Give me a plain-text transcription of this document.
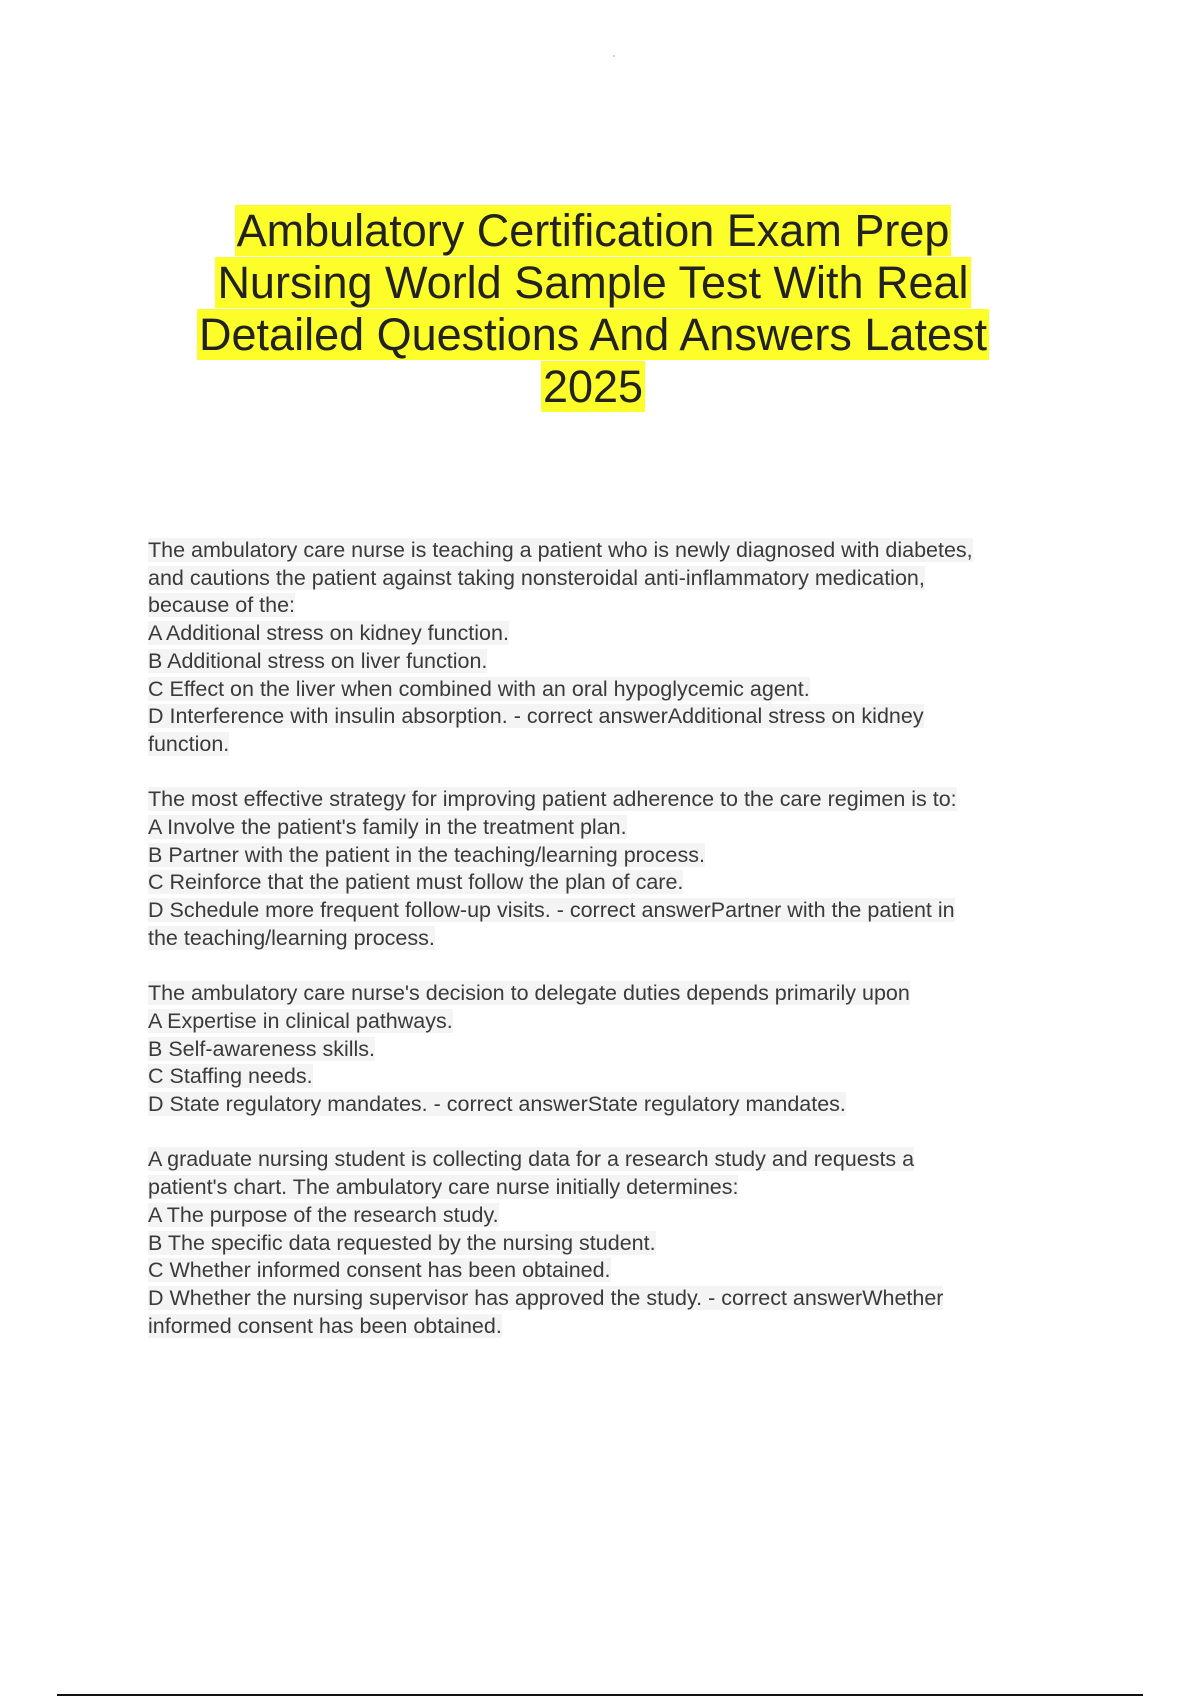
Ambulatory Certification Exam Prep
Nursing World Sample Test With Real
Detailed Questions And Answers Latest
2025
The ambulatory care nurse is teaching a patient who is newly diagnosed with diabetes,
and cautions the patient against taking nonsteroidal anti-inflammatory medication,
because of the:
A Additional stress on kidney function.
B Additional stress on liver function.
C Effect on the liver when combined with an oral hypoglycemic agent.
D Interference with insulin absorption. - correct answerAdditional stress on kidney
function.
The most effective strategy for improving patient adherence to the care regimen is to:
A Involve the patient's family in the treatment plan.
B Partner with the patient in the teaching/learning process.
C Reinforce that the patient must follow the plan of care.
D Schedule more frequent follow-up visits. - correct answerPartner with the patient in
the teaching/learning process.
The ambulatory care nurse's decision to delegate duties depends primarily upon
A Expertise in clinical pathways.
B Self-awareness skills.
C Staffing needs.
D State regulatory mandates. - correct answerState regulatory mandates.
A graduate nursing student is collecting data for a research study and requests a
patient's chart. The ambulatory care nurse initially determines:
A The purpose of the research study.
B The specific data requested by the nursing student.
C Whether informed consent has been obtained.
D Whether the nursing supervisor has approved the study. - correct answerWhether
informed consent has been obtained.
